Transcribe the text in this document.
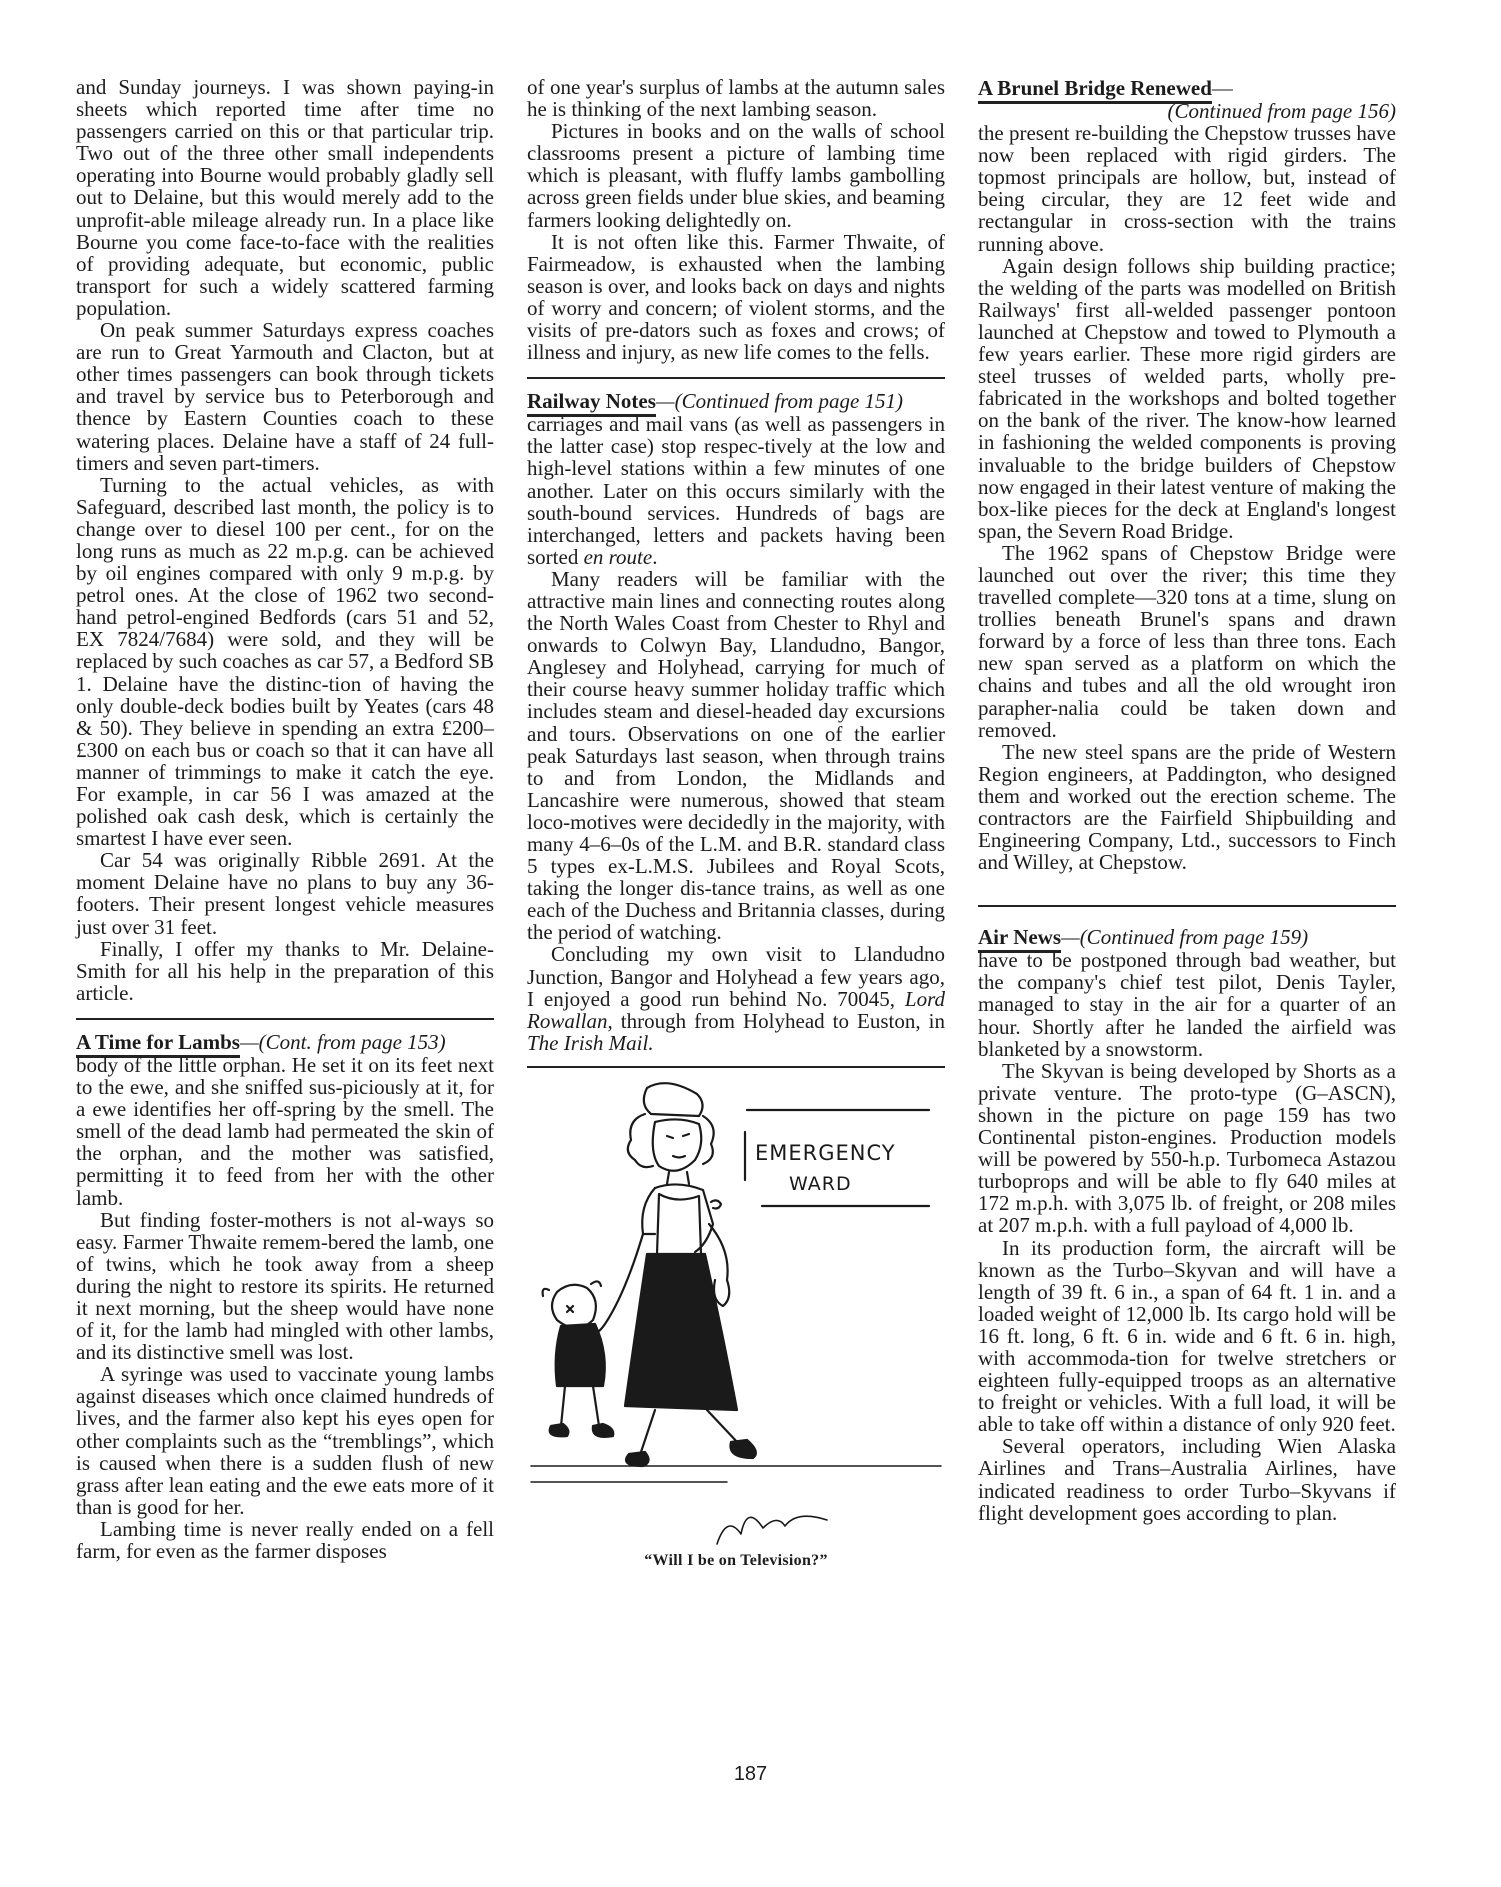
and Sunday journeys. I was shown paying-in sheets which reported time after time no passengers carried on this or that particular trip. Two out of the three other small independents operating into Bourne would probably gladly sell out to Delaine, but this would merely add to the unprofit-able mileage already run. In a place like Bourne you come face-to-face with the realities of providing adequate, but economic, public transport for such a widely scattered farming population.

On peak summer Saturdays express coaches are run to Great Yarmouth and Clacton, but at other times passengers can book through tickets and travel by service bus to Peterborough and thence by Eastern Counties coach to these watering places. Delaine have a staff of 24 full-timers and seven part-timers.

Turning to the actual vehicles, as with Safeguard, described last month, the policy is to change over to diesel 100 per cent., for on the long runs as much as 22 m.p.g. can be achieved by oil engines compared with only 9 m.p.g. by petrol ones. At the close of 1962 two second-hand petrol-engined Bedfords (cars 51 and 52, EX 7824/7684) were sold, and they will be replaced by such coaches as car 57, a Bedford SB 1. Delaine have the distinc-tion of having the only double-deck bodies built by Yeates (cars 48 & 50). They believe in spending an extra £200–£300 on each bus or coach so that it can have all manner of trimmings to make it catch the eye. For example, in car 56 I was amazed at the polished oak cash desk, which is certainly the smartest I have ever seen.

Car 54 was originally Ribble 2691. At the moment Delaine have no plans to buy any 36-footers. Their present longest vehicle measures just over 31 feet.

Finally, I offer my thanks to Mr. Delaine-Smith for all his help in the preparation of this article.

A Time for Lambs—(Cont. from page 153)

body of the little orphan. He set it on its feet next to the ewe, and she sniffed sus-piciously at it, for a ewe identifies her off-spring by the smell. The smell of the dead lamb had permeated the skin of the orphan, and the mother was satisfied, permitting it to feed from her with the other lamb.

But finding foster-mothers is not al-ways so easy. Farmer Thwaite remem-bered the lamb, one of twins, which he took away from a sheep during the night to restore its spirits. He returned it next morning, but the sheep would have none of it, for the lamb had mingled with other lambs, and its distinctive smell was lost.

A syringe was used to vaccinate young lambs against diseases which once claimed hundreds of lives, and the farmer also kept his eyes open for other complaints such as the “tremblings”, which is caused when there is a sudden flush of new grass after lean eating and the ewe eats more of it than is good for her.

Lambing time is never really ended on a fell farm, for even as the farmer disposes

of one year's surplus of lambs at the autumn sales he is thinking of the next lambing season.

Pictures in books and on the walls of school classrooms present a picture of lambing time which is pleasant, with fluffy lambs gambolling across green fields under blue skies, and beaming farmers looking delightedly on.

It is not often like this. Farmer Thwaite, of Fairmeadow, is exhausted when the lambing season is over, and looks back on days and nights of worry and concern; of violent storms, and the visits of pre-dators such as foxes and crows; of illness and injury, as new life comes to the fells.

Railway Notes—(Continued from page 151)

carriages and mail vans (as well as passengers in the latter case) stop respec-tively at the low and high-level stations within a few minutes of one another. Later on this occurs similarly with the south-bound services. Hundreds of bags are interchanged, letters and packets having been sorted en route.

Many readers will be familiar with the attractive main lines and connecting routes along the North Wales Coast from Chester to Rhyl and onwards to Colwyn Bay, Llandudno, Bangor, Anglesey and Holyhead, carrying for much of their course heavy summer holiday traffic which includes steam and diesel-headed day excursions and tours. Observations on one of the earlier peak Saturdays last season, when through trains to and from London, the Midlands and Lancashire were numerous, showed that steam loco-motives were decidedly in the majority, with many 4–6–0s of the L.M. and B.R. standard class 5 types ex-L.M.S. Jubilees and Royal Scots, taking the longer dis-tance trains, as well as one each of the Duchess and Britannia classes, during the period of watching.

Concluding my own visit to Llandudno Junction, Bangor and Holyhead a few years ago, I enjoyed a good run behind No. 70045, Lord Rowallan, through from Holyhead to Euston, in The Irish Mail.

EMERGENCY
WARD
“Will I be on Television?”

A Brunel Bridge Renewed—

(Continued from page 156)

the present re-building the Chepstow trusses have now been replaced with rigid girders. The topmost principals are hollow, but, instead of being circular, they are 12 feet wide and rectangular in cross-section with the trains running above.

Again design follows ship building practice; the welding of the parts was modelled on British Railways' first all-welded passenger pontoon launched at Chepstow and towed to Plymouth a few years earlier. These more rigid girders are steel trusses of welded parts, wholly pre-fabricated in the workshops and bolted together on the bank of the river. The know-how learned in fashioning the welded components is proving invaluable to the bridge builders of Chepstow now engaged in their latest venture of making the box-like pieces for the deck at England's longest span, the Severn Road Bridge.

The 1962 spans of Chepstow Bridge were launched out over the river; this time they travelled complete—320 tons at a time, slung on trollies beneath Brunel's spans and drawn forward by a force of less than three tons. Each new span served as a platform on which the chains and tubes and all the old wrought iron parapher-nalia could be taken down and removed.

The new steel spans are the pride of Western Region engineers, at Paddington, who designed them and worked out the erection scheme. The contractors are the Fairfield Shipbuilding and Engineering Company, Ltd., successors to Finch and Willey, at Chepstow.

Air News—(Continued from page 159)

have to be postponed through bad weather, but the company's chief test pilot, Denis Tayler, managed to stay in the air for a quarter of an hour. Shortly after he landed the airfield was blanketed by a snowstorm.

The Skyvan is being developed by Shorts as a private venture. The proto-type (G–ASCN), shown in the picture on page 159 has two Continental piston-engines. Production models will be powered by 550-h.p. Turbomeca Astazou turboprops and will be able to fly 640 miles at 172 m.p.h. with 3,075 lb. of freight, or 208 miles at 207 m.p.h. with a full payload of 4,000 lb.

In its production form, the aircraft will be known as the Turbo–Skyvan and will have a length of 39 ft. 6 in., a span of 64 ft. 1 in. and a loaded weight of 12,000 lb. Its cargo hold will be 16 ft. long, 6 ft. 6 in. wide and 6 ft. 6 in. high, with accommoda-tion for twelve stretchers or eighteen fully-equipped troops as an alternative to freight or vehicles. With a full load, it will be able to take off within a distance of only 920 feet.

Several operators, including Wien Alaska Airlines and Trans–Australia Airlines, have indicated readiness to order Turbo–Skyvans if flight development goes according to plan.

187
